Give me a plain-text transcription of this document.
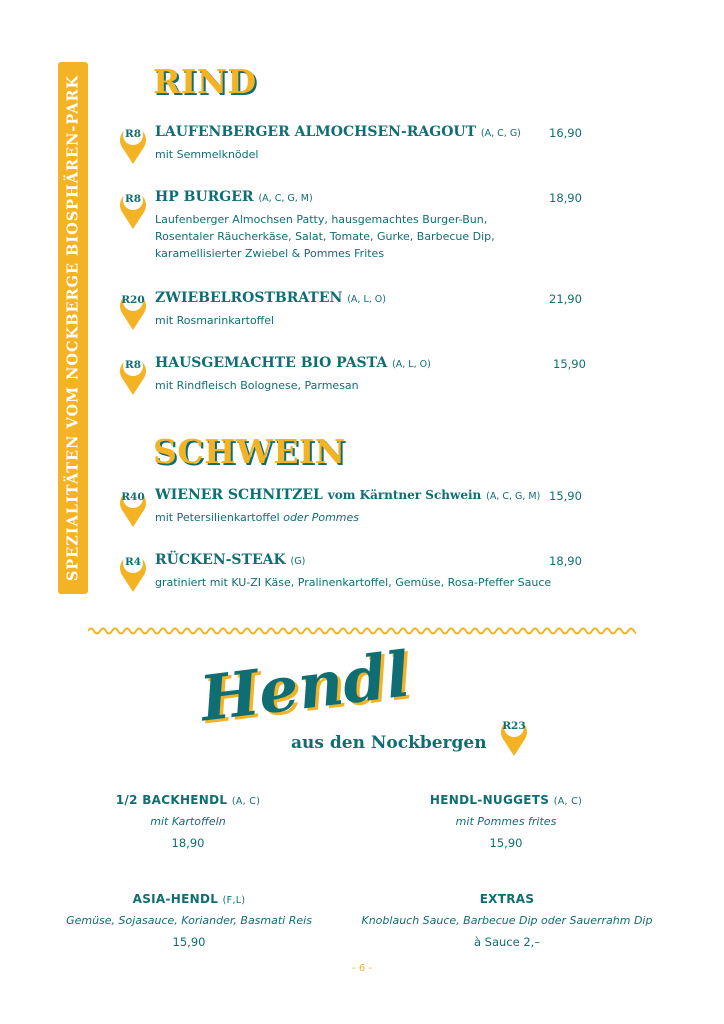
SPEZIALITÄTEN VOM NOCKBERGE BIOSPHÄREN-PARK RIND
R8 LAUFENBERGER ALMOCHSEN-RAGOUT (A, C, G)
mit Semmelknödel
16,90
R8 HP BURGER (A, C, G, M)
Laufenberger Almochsen Patty, hausgemachtes Burger-Bun,
Rosentaler Räucherkäse, Salat, Tomate, Gurke, Barbecue Dip,
karamellisierter Zwiebel & Pommes Frites
18,90
R20 ZWIEBELROSTBRATEN (A, L, O)
mit Rosmarinkartoffel
21,90
R8 HAUSGEMACHTE BIO PASTA (A, L, O)
mit Rindfleisch Bolognese, Parmesan
15,90
SCHWEIN
R40 WIENER SCHNITZEL vom Kärntner Schwein (A, C, G, M)
mit Petersilienkartoffel oder Pommes
15,90
R4 RÜCKEN-STEAK (G)
gratiniert mit KU-ZI Käse, Pralinenkartoffel, Gemüse, Rosa-Pfeffer Sauce
18,90
Hendl
aus den Nockbergen
R23
1/2 BACKHENDL (A, C)
mit Kartoffeln
18,90
HENDL-NUGGETS (A, C)
mit Pommes frites
15,90
ASIA-HENDL (F,L)
Gemüse, Sojasauce, Koriander, Basmati Reis
15,90
EXTRAS
Knoblauch Sauce, Barbecue Dip oder Sauerrahm Dip
à Sauce 2,–
- 6 -
